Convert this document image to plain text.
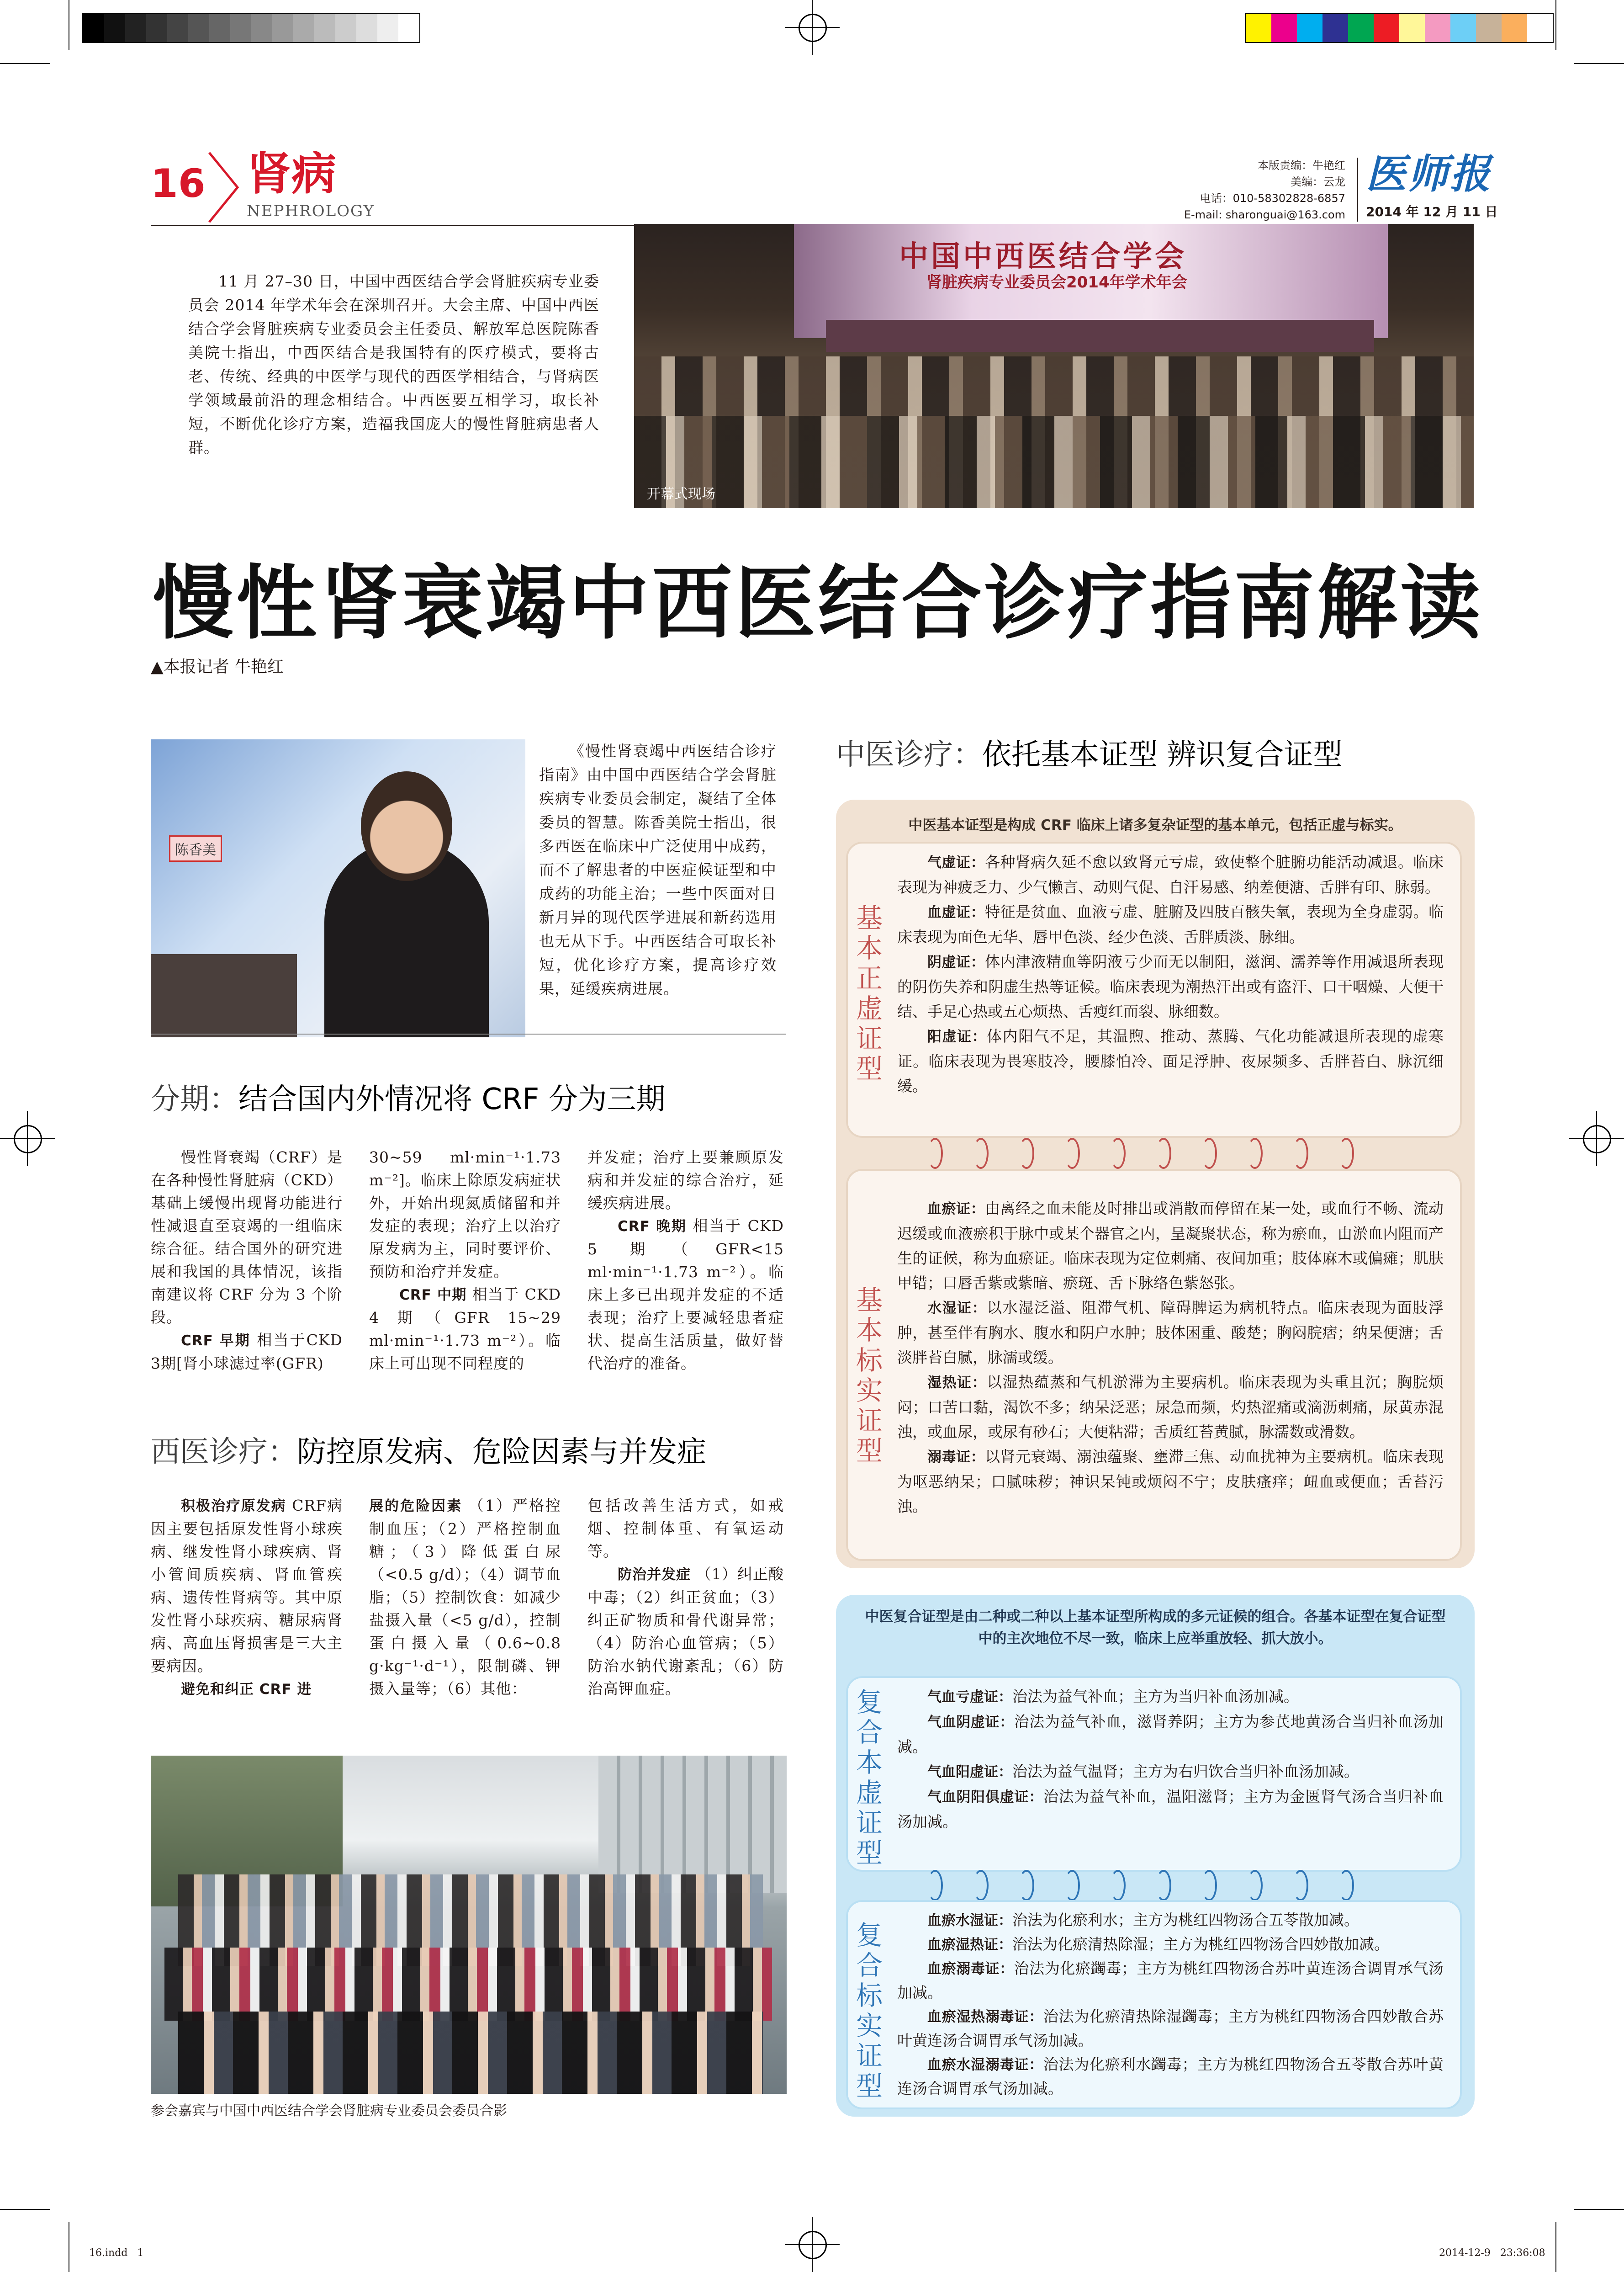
16 肾病
NEPHROLOGY
本版责编：牛艳红
美编：云龙
电话：010-58302828-6857
E-mail: sharonguai@163.com
医师报
2014 年 12 月 11 日
11 月 27–30 日，中国中西医结合学会肾脏疾病专业委员会 2014 年学术年会在深圳召开。大会主席、中国中西医结合学会肾脏疾病专业委员会主任委员、解放军总医院陈香美院士指出，中西医结合是我国特有的医疗模式，要将古老、传统、经典的中医学与现代的西医学相结合，与肾病医学领域最前沿的理念相结合。中西医要互相学习，取长补短，不断优化诊疗方案，造福我国庞大的慢性肾脏病患者人群。
中国中西医结合学会
肾脏疾病专业委员会2014年学术年会
开幕式现场
慢性肾衰竭中西医结合诊疗指南解读
▲本报记者 牛艳红
陈香美
《慢性肾衰竭中西医结合诊疗指南》由中国中西医结合学会肾脏疾病专业委员会制定，凝结了全体委员的智慧。陈香美院士指出，很多西医在临床中广泛使用中成药，而不了解患者的中医症候证型和中成药的功能主治；一些中医面对日新月异的现代医学进展和新药选用也无从下手。中西医结合可取长补短，优化诊疗方案，提高诊疗效果，延缓疾病进展。
分期：结合国内外情况将 CRF 分为三期

慢性肾衰竭（CRF）是在各种慢性肾脏病（CKD）基础上缓慢出现肾功能进行性减退直至衰竭的一组临床综合征。结合国外的研究进展和我国的具体情况，该指南建议将 CRF 分为 3 个阶段。

CRF 早期 相当于CKD 3期[肾小球滤过率(GFR)

30~59 ml·min⁻¹·1.73 m⁻²]。临床上除原发病症状外，开始出现氮质储留和并发症的表现；治疗上以治疗原发病为主，同时要评价、预防和治疗并发症。

CRF 中期 相当于 CKD 4 期（GFR 15~29 ml·min⁻¹·1.73 m⁻²）。临床上可出现不同程度的

并发症；治疗上要兼顾原发病和并发症的综合治疗，延缓疾病进展。

CRF 晚期 相当于 CKD 5 期（GFR<15 ml·min⁻¹·1.73 m⁻²）。临床上多已出现并发症的不适表现；治疗上要减轻患者症状、提高生活质量，做好替代治疗的准备。

西医诊疗：防控原发病、危险因素与并发症

积极治疗原发病 CRF病因主要包括原发性肾小球疾病、继发性肾小球疾病、肾小管间质疾病、肾血管疾病、遗传性肾病等。其中原发性肾小球疾病、糖尿病肾病、高血压肾损害是三大主要病因。

避免和纠正 CRF 进

展的危险因素 （1）严格控制血压；（2）严格控制血糖；（3）降低蛋白尿（<0.5 g/d）；（4）调节血脂；（5）控制饮食：如减少盐摄入量（<5 g/d），控制蛋白摄入量（0.6~0.8 g·kg⁻¹·d⁻¹），限制磷、钾摄入量等；（6）其他：

包括改善生活方式，如戒烟、控制体重、有氧运动等。

防治并发症 （1）纠正酸中毒；（2）纠正贫血；（3）纠正矿物质和骨代谢异常；（4）防治心血管病；（5）防治水钠代谢紊乱；（6）防治高钾血症。

参会嘉宾与中国中西医结合学会肾脏病专业委员会委员合影
中医诊疗：依托基本证型 辨识复合证型
中医基本证型是构成 CRF 临床上诸多复杂证型的基本单元，包括正虚与标实。
基本正虚证型

气虚证：各种肾病久延不愈以致肾元亏虚，致使整个脏腑功能活动减退。临床表现为神疲乏力、少气懒言、动则气促、自汗易感、纳差便溏、舌胖有印、脉弱。

血虚证：特征是贫血、血液亏虚、脏腑及四肢百骸失氧，表现为全身虚弱。临床表现为面色无华、唇甲色淡、经少色淡、舌胖质淡、脉细。

阴虚证：体内津液精血等阴液亏少而无以制阳，滋润、濡养等作用减退所表现的阴伤失养和阴虚生热等证候。临床表现为潮热汗出或有盗汗、口干咽燥、大便干结、手足心热或五心烦热、舌瘦红而裂、脉细数。

阳虚证：体内阳气不足，其温煦、推动、蒸腾、气化功能减退所表现的虚寒证。临床表现为畏寒肢冷，腰膝怕冷、面足浮肿、夜尿频多、舌胖苔白、脉沉细缓。

基本标实证型

血瘀证：由离经之血未能及时排出或消散而停留在某一处，或血行不畅、流动迟缓或血液瘀积于脉中或某个器官之内，呈凝聚状态，称为瘀血，由淤血内阻而产生的证候，称为血瘀证。临床表现为定位刺痛、夜间加重；肢体麻木或偏瘫；肌肤甲错；口唇舌紫或紫暗、瘀斑、舌下脉络色紫怒张。

水湿证：以水湿泛溢、阻滞气机、障碍脾运为病机特点。临床表现为面肢浮肿，甚至伴有胸水、腹水和阴户水肿；肢体困重、酸楚；胸闷脘痞；纳呆便溏；舌淡胖苔白腻，脉濡或缓。

湿热证：以湿热蕴蒸和气机淤滞为主要病机。临床表现为头重且沉；胸脘烦闷；口苦口黏，渴饮不多；纳呆泛恶；尿急而频，灼热涩痛或滴沥刺痛，尿黄赤混浊，或血尿，或尿有砂石；大便粘滞；舌质红苔黄腻，脉濡数或滑数。

溺毒证：以肾元衰竭、溺浊蕴聚、壅滞三焦、动血扰神为主要病机。临床表现为呕恶纳呆；口腻味秽；神识呆钝或烦闷不宁；皮肤瘙痒；衄血或便血；舌苔污浊。

中医复合证型是由二种或二种以上基本证型所构成的多元证候的组合。各基本证型在复合证型中的主次地位不尽一致，临床上应举重放轻、抓大放小。
复合本虚证型

气血亏虚证：治法为益气补血；主方为当归补血汤加减。

气血阴虚证：治法为益气补血，滋肾养阴；主方为参芪地黄汤合当归补血汤加减。

气血阳虚证：治法为益气温肾；主方为右归饮合当归补血汤加减。

气血阴阳俱虚证：治法为益气补血，温阳滋肾；主方为金匮肾气汤合当归补血汤加减。

复合标实证型

血瘀水湿证：治法为化瘀利水；主方为桃红四物汤合五苓散加减。

血瘀湿热证：治法为化瘀清热除湿；主方为桃红四物汤合四妙散加减。

血瘀溺毒证：治法为化瘀蠲毒；主方为桃红四物汤合苏叶黄连汤合调胃承气汤加减。

血瘀湿热溺毒证：治法为化瘀清热除湿蠲毒；主方为桃红四物汤合四妙散合苏叶黄连汤合调胃承气汤加减。

血瘀水湿溺毒证：治法为化瘀利水蠲毒；主方为桃红四物汤合五苓散合苏叶黄连汤合调胃承气汤加减。

16.indd   1	2014-12-9   23:36:08
